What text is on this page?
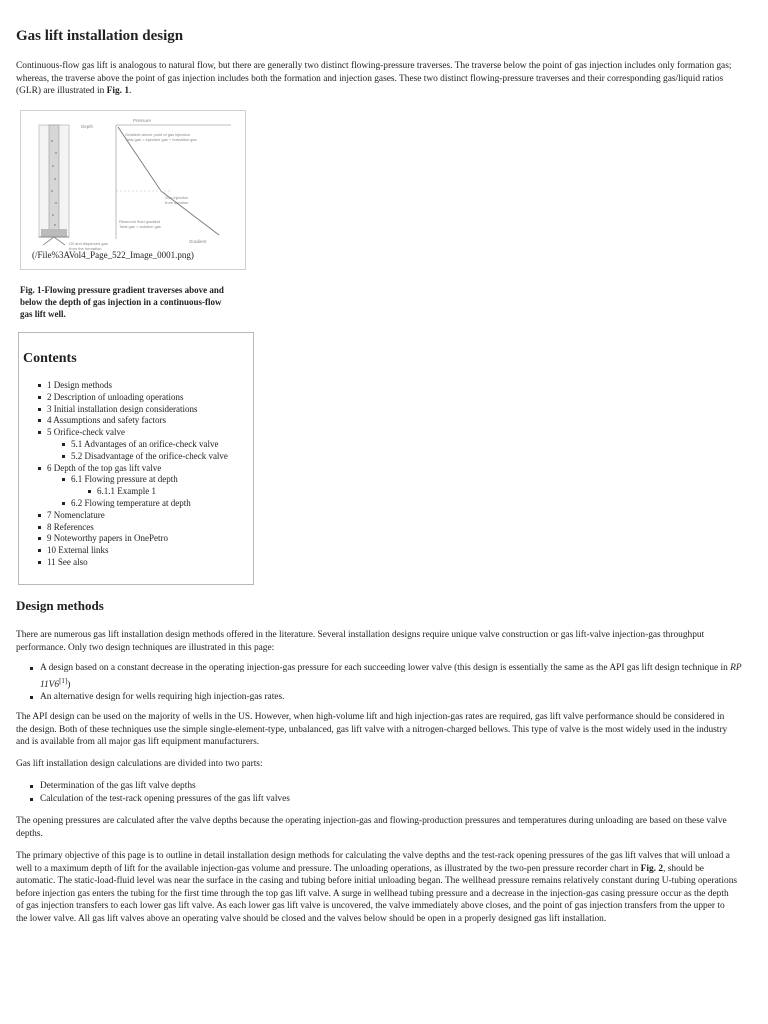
Gas lift installation design

Continuous-flow gas lift is analogous to natural flow, but there are generally two distinct flowing-pressure traverses. The traverse below the point of gas injection includes only formation gas; whereas, the traverse above the point of gas injection includes both the formation and injection gases. These two distinct flowing-pressure traverses and their corresponding gas/liquid ratios (GLR) are illustrated in Fig. 1.

Depth
Pressure
Gradient above point of gas injection
Total gas = injection gas + formation gas
Gas injection
from annulus
Reservoir fluid gradient
Total gas = solution gas
Oil and dispersed gas
from the formation
Gradient
(/File%3AVol4_Page_522_Image_0001.png)
Fig. 1-Flowing pressure gradient traverses above and below the depth of gas injection in a continuous-flow gas lift well.
Contents
1 Design methods
2 Description of unloading operations
3 Initial installation design considerations
4 Assumptions and safety factors
5 Orifice-check valve
5.1 Advantages of an orifice-check valve
5.2 Disadvantage of the orifice-check valve
6 Depth of the top gas lift valve
6.1 Flowing pressure at depth
6.1.1 Example 1
6.2 Flowing temperature at depth
7 Nomenclature
8 References
9 Noteworthy papers in OnePetro
10 External links
11 See also
Design methods

There are numerous gas lift installation design methods offered in the literature. Several installation designs require unique valve construction or gas lift-valve injection-gas throughput performance. Only two design techniques are illustrated in this page:

A design based on a constant decrease in the operating injection-gas pressure for each succeeding lower valve (this design is essentially the same as the API gas lift design technique in RP 11V6[1])
An alternative design for wells requiring high injection-gas rates.

The API design can be used on the majority of wells in the US. However, when high-volume lift and high injection-gas rates are required, gas lift valve performance should be considered in the design. Both of these techniques use the simple single-element-type, unbalanced, gas lift valve with a nitrogen-charged bellows. This type of valve is the most widely used in the industry and is available from all major gas lift equipment manufacturers.

Gas lift installation design calculations are divided into two parts:

Determination of the gas lift valve depths
Calculation of the test-rack opening pressures of the gas lift valves

The opening pressures are calculated after the valve depths because the operating injection-gas and flowing-production pressures and temperatures during unloading are based on these valve depths.

The primary objective of this page is to outline in detail installation design methods for calculating the valve depths and the test-rack opening pressures of the gas lift valves that will unload a well to a maximum depth of lift for the available injection-gas volume and pressure. The unloading operations, as illustrated by the two-pen pressure recorder chart in Fig. 2, should be automatic. The static-load-fluid level was near the surface in the casing and tubing before initial unloading began. The wellhead pressure remains relatively constant during U-tubing operations before injection gas enters the tubing for the first time through the top gas lift valve. A surge in wellhead tubing pressure and a decrease in the injection-gas casing pressure occur as the depth of gas injection transfers to each lower gas lift valve. As each lower gas lift valve is uncovered, the valve immediately above closes, and the point of gas injection transfers from the upper to the lower valve. All gas lift valves above an operating valve should be closed and the valves below should be open in a properly designed gas lift installation.
